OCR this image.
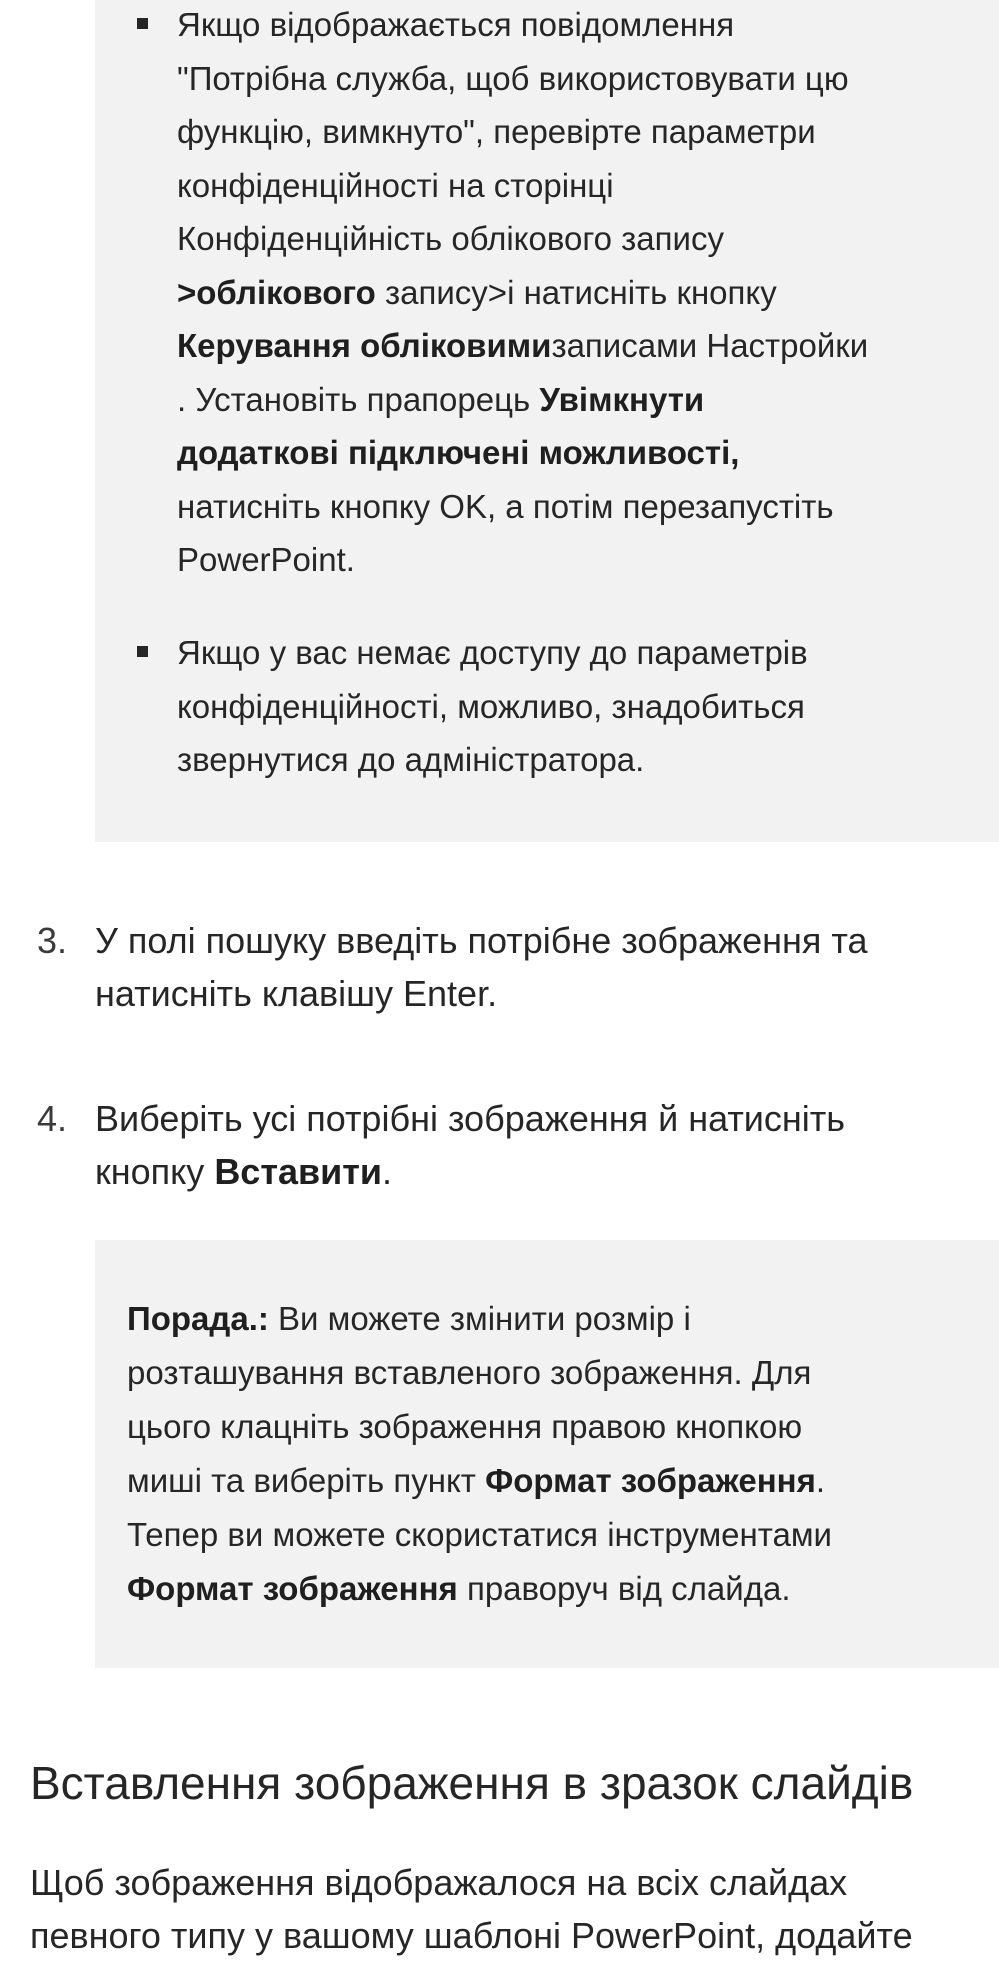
Якщо відображається повідомлення
"Потрібна служба, щоб використовувати цю
функцію, вимкнуто", перевірте параметри
конфіденційності на сторінці
Конфіденційність облікового запису
>облікового запису>і натисніть кнопку
Керування обліковимизаписами Настройки
. Установіть прапорець Увімкнути
додаткові підключені можливості,
натисніть кнопку OK, а потім перезапустіть
PowerPoint.
Якщо у вас немає доступу до параметрів
конфіденційності, можливо, знадобиться
звернутися до адміністратора.
3. У полі пошуку введіть потрібне зображення та
натисніть клавішу Enter.
4. Виберіть усі потрібні зображення й натисніть
кнопку Вставити.
Порада.: Ви можете змінити розмір і
розташування вставленого зображення. Для
цього клацніть зображення правою кнопкою
миші та виберіть пункт Формат зображення.
Тепер ви можете скористатися інструментами
Формат зображення праворуч від слайда.
Вставлення зображення в зразок слайдів
Щоб зображення відображалося на всіх слайдах
певного типу у вашому шаблоні PowerPoint, додайте
